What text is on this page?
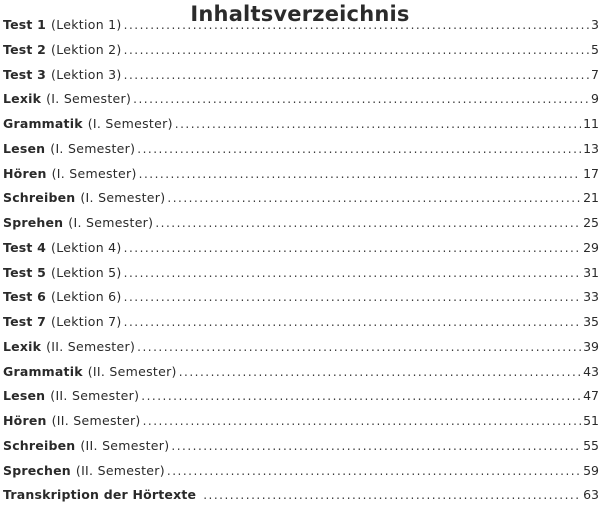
Inhaltsverzeichnis
Test 1 (Lektion 1) .....	3
Test 2 (Lektion 2) .....	5
Test 3 (Lektion 3) .....	7
Lexik (I. Semester) .....	9
Grammatik (I. Semester) .....	11
Lesen (I. Semester) .....	13
Hören (I. Semester) .....	17
Schreiben (I. Semester) .....	21
Sprehen (I. Semester) .....	25
Test 4 (Lektion 4) .....	29
Test 5 (Lektion 5) .....	31
Test 6 (Lektion 6) .....	33
Test 7 (Lektion 7) .....	35
Lexik (II. Semester) .....	39
Grammatik (II. Semester) .....	43
Lesen (II. Semester) .....	47
Hören (II. Semester) .....	51
Schreiben (II. Semester) .....	55
Sprechen (II. Semester) .....	59
Transkription der Hörtexte .....	63
